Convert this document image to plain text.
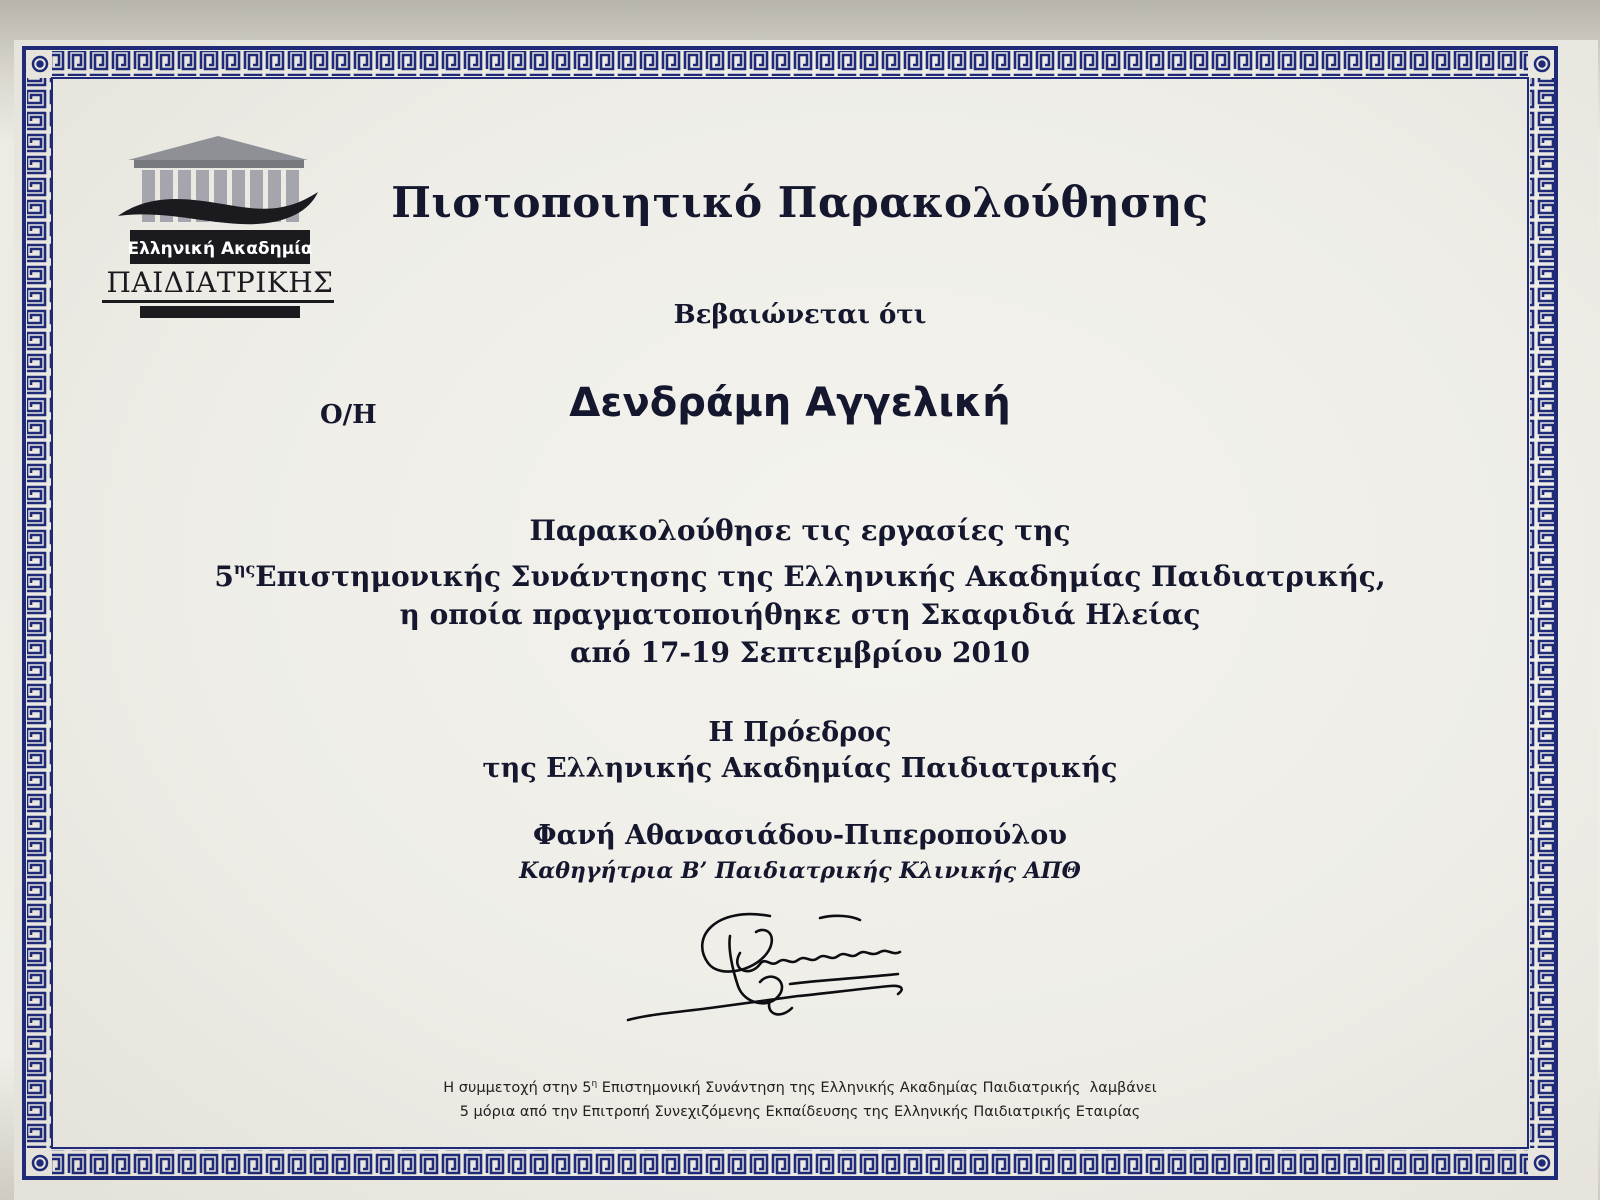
Ελληνική Ακαδημία
ΠΑΙΔΙΑΤΡΙΚΗΣ
Πιστοποιητικό Παρακολούθησης
Βεβαιώνεται ότι
Ο/Η	Δενδράμη Αγγελική
Παρακολούθησε τις εργασίες της
$5^{\eta\varsigma}E\pi\iota\sigma\tau\eta\mu o\nu\iota\kappa ή\varsigma$ Συνάντησης της Ελληνικής Ακαδημίας Παιδιατρικής,
η οποία πραγματοποιήθηκε στη Σκαφιδιά Ηλείας
από 17-19 Σεπτεμβρίου 2010
Η Πρόεδρος
της Ελληνικής Ακαδημίας Παιδιατρικής
Φανή Αθανασιάδου-Πιπεροπούλου
Καθηγήτρια Β’ Παιδιατρικής Κλινικής ΑΠΘ
Η συμμετοχή στην $5^\eta$ Επιστημονική Συνάντηση της Ελληνικής Ακαδημίας Παιδιατρικής  λαμβάνει
5 μόρια από την Επιτροπή Συνεχιζόμενης Εκπαίδευσης της Ελληνικής Παιδιατρικής Εταιρίας
